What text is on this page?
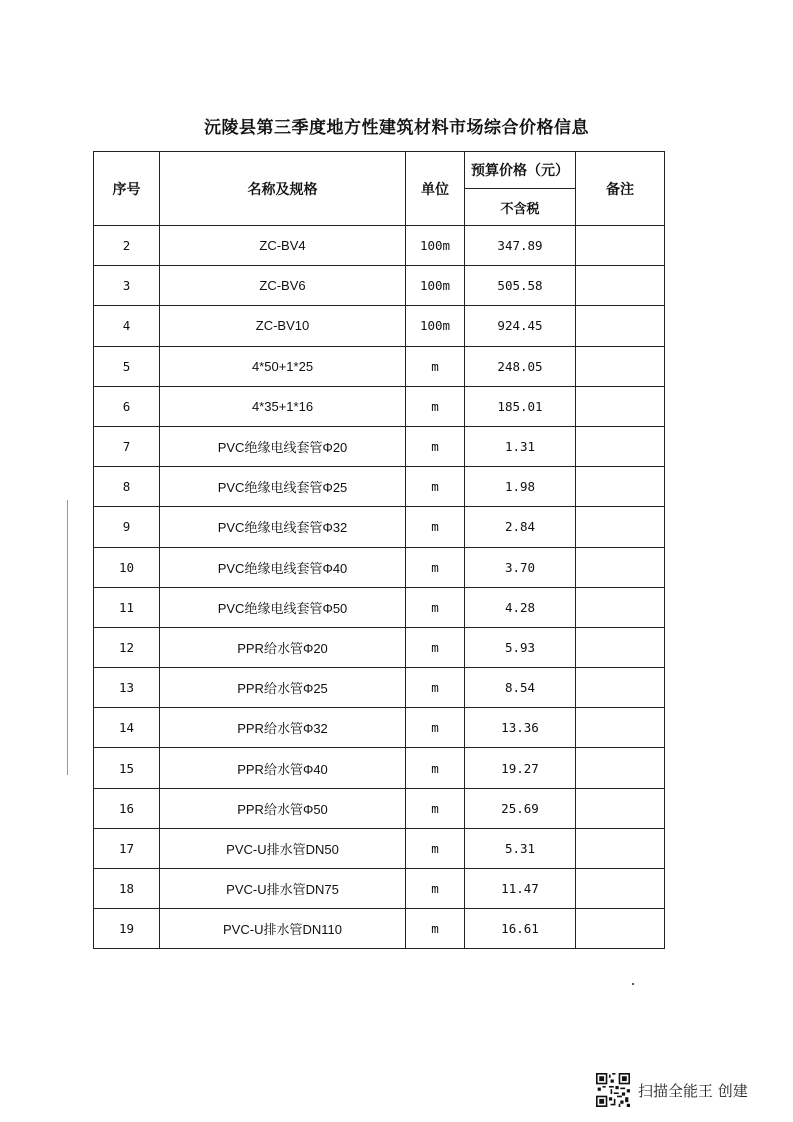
沅陵县第三季度地方性建筑材料市场综合价格信息
序号	名称及规格	单位	预算价格（元）	备注
			不含税	
2	ZC-BV4	100m	347.89	
3	ZC-BV6	100m	505.58	
4	ZC-BV10	100m	924.45	
5	4*50+1*25	m	248.05	
6	4*35+1*16	m	185.01	
7	PVC绝缘电线套管Φ20	m	1.31	
8	PVC绝缘电线套管Φ25	m	1.98	
9	PVC绝缘电线套管Φ32	m	2.84	
10	PVC绝缘电线套管Φ40	m	3.70	
11	PVC绝缘电线套管Φ50	m	4.28	
12	PPR给水管Φ20	m	5.93	
13	PPR给水管Φ25	m	8.54	
14	PPR给水管Φ32	m	13.36	
15	PPR给水管Φ40	m	19.27	
16	PPR给水管Φ50	m	25.69	
17	PVC-U排水管DN50	m	5.31	
18	PVC-U排水管DN75	m	11.47	
19	PVC-U排水管DN110	m	16.61	
扫描全能王 创建
